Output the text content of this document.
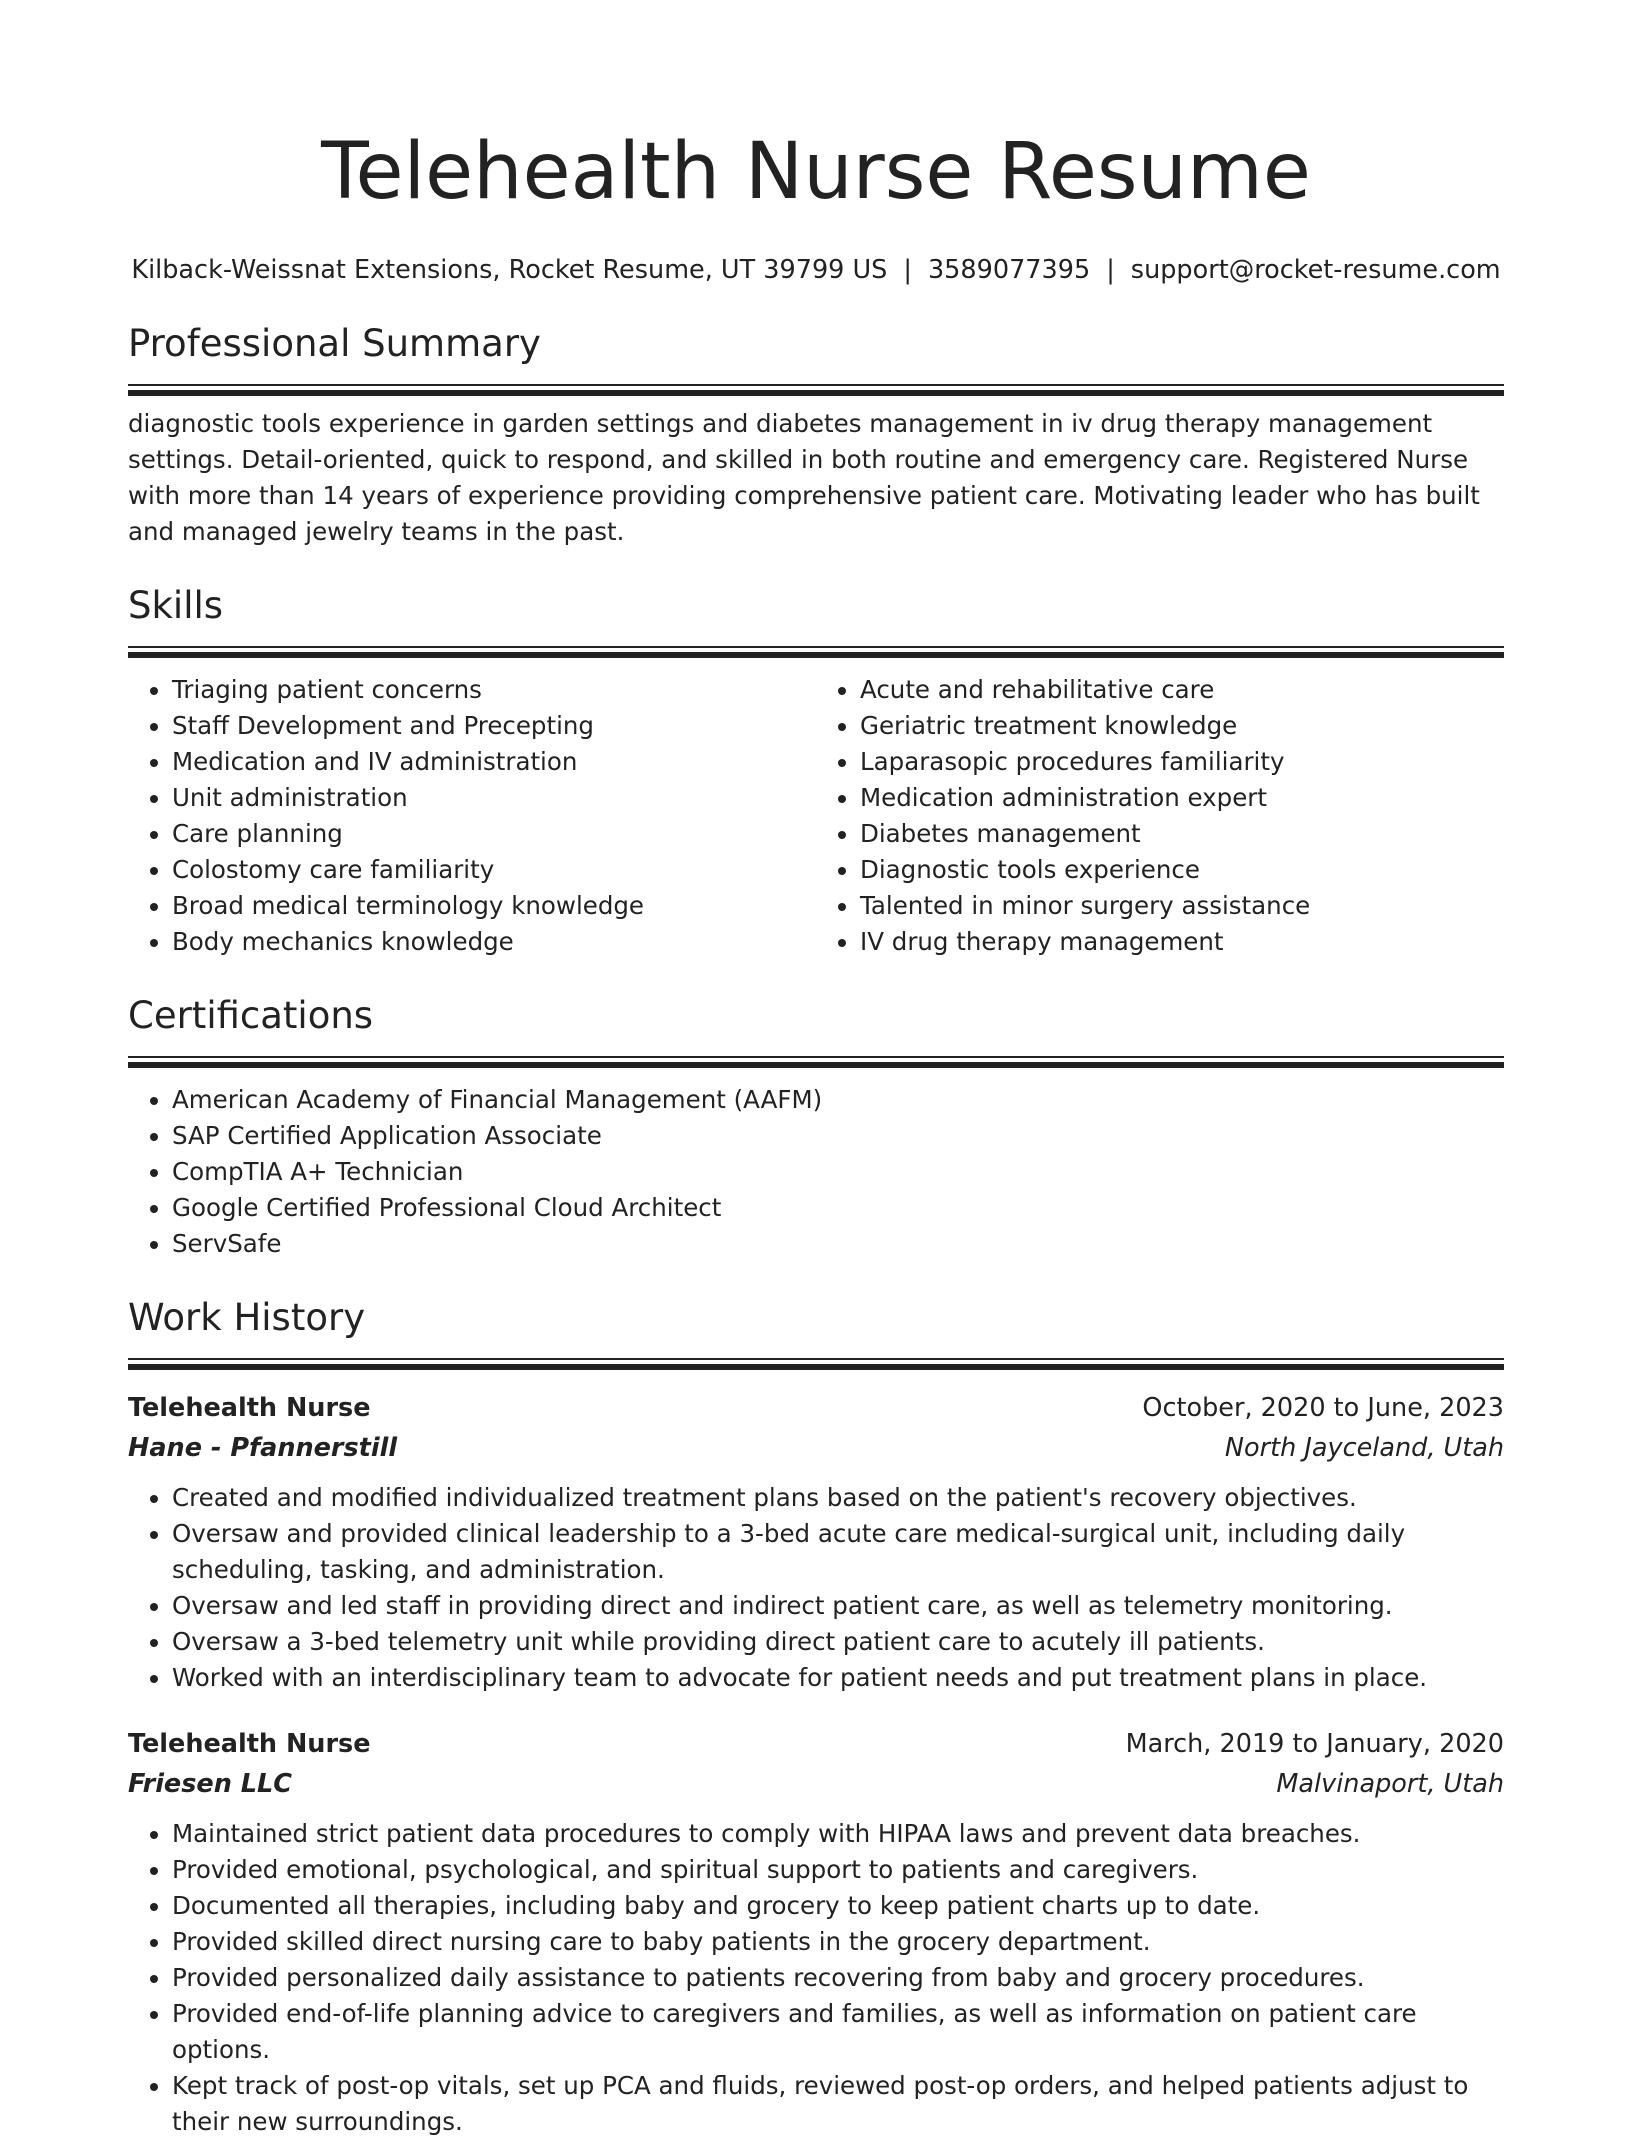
Telehealth Nurse Resume
Kilback-Weissnat Extensions, Rocket Resume, UT 39799 US | 3589077395 | support@rocket-resume.com
Professional Summary

diagnostic tools experience in garden settings and diabetes management in iv drug therapy management settings. Detail-oriented, quick to respond, and skilled in both routine and emergency care. Registered Nurse with more than 14 years of experience providing comprehensive patient care. Motivating leader who has built and managed jewelry teams in the past.

Skills
• Triaging patient concerns
• Staff Development and Precepting
• Medication and IV administration
• Unit administration
• Care planning
• Colostomy care familiarity
• Broad medical terminology knowledge
• Body mechanics knowledge
• Acute and rehabilitative care
• Geriatric treatment knowledge
• Laparasopic procedures familiarity
• Medication administration expert
• Diabetes management
• Diagnostic tools experience
• Talented in minor surgery assistance
• IV drug therapy management
Certifications
• American Academy of Financial Management (AAFM)
• SAP Certified Application Associate
• CompTIA A+ Technician
• Google Certified Professional Cloud Architect
• ServSafe
Work History
Telehealth Nurse	October, 2020 to June, 2023
Hane - Pfannerstill	North Jayceland, Utah
• Created and modified individualized treatment plans based on the patient's recovery objectives.
• Oversaw and provided clinical leadership to a 3-bed acute care medical-surgical unit, including daily scheduling, tasking, and administration.
• Oversaw and led staff in providing direct and indirect patient care, as well as telemetry monitoring.
• Oversaw a 3-bed telemetry unit while providing direct patient care to acutely ill patients.
• Worked with an interdisciplinary team to advocate for patient needs and put treatment plans in place.
Telehealth Nurse	March, 2019 to January, 2020
Friesen LLC	Malvinaport, Utah
• Maintained strict patient data procedures to comply with HIPAA laws and prevent data breaches.
• Provided emotional, psychological, and spiritual support to patients and caregivers.
• Documented all therapies, including baby and grocery to keep patient charts up to date.
• Provided skilled direct nursing care to baby patients in the grocery department.
• Provided personalized daily assistance to patients recovering from baby and grocery procedures.
• Provided end-of-life planning advice to caregivers and families, as well as information on patient care options.
• Kept track of post-op vitals, set up PCA and fluids, reviewed post-op orders, and helped patients adjust to their new surroundings.
